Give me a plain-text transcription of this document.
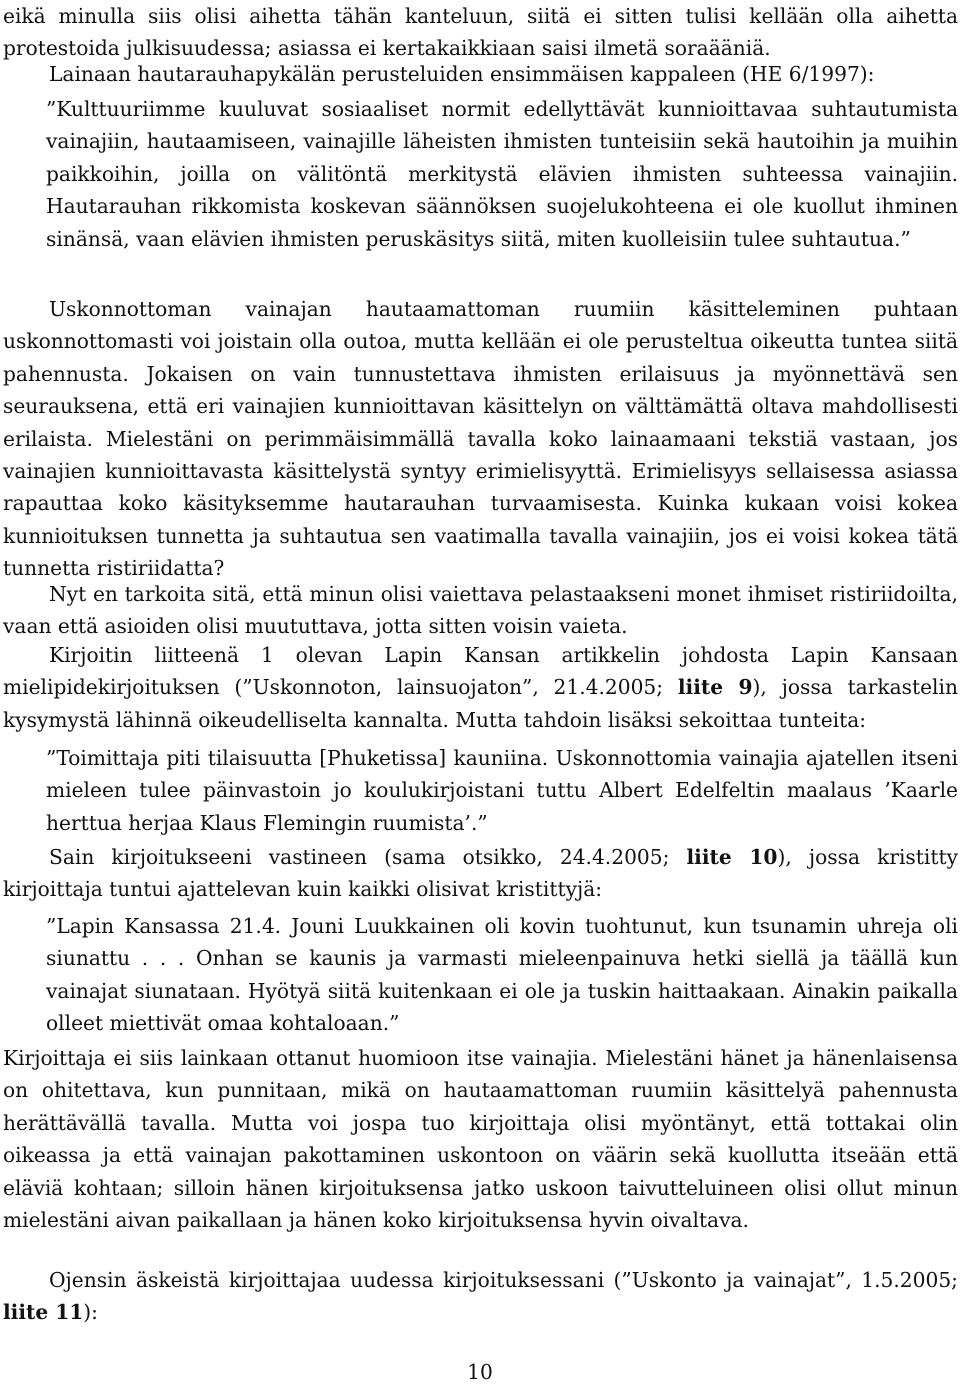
eikä minulla siis olisi aihetta tähän kanteluun, siitä ei sitten tulisi kellään olla aihetta protestoida julkisuudessa; asiassa ei kertakaikkiaan saisi ilmetä soraääniä.

Lainaan hautarauhapykälän perusteluiden ensimmäisen kappaleen (HE 6/1997):

”Kulttuuriimme kuuluvat sosiaaliset normit edellyttävät kunnioittavaa suhtautumista vainajiin, hautaamiseen, vainajille läheisten ihmisten tunteisiin sekä hautoihin ja muihin paikkoihin, joilla on välitöntä merkitystä elävien ihmisten suhteessa vainajiin. Hautarauhan rikkomista koskevan säännöksen suojelukohteena ei ole kuollut ihminen sinänsä, vaan elävien ihmisten peruskäsitys siitä, miten kuolleisiin tulee suhtautua.”

Uskonnottoman vainajan hautaamattoman ruumiin käsitteleminen puhtaan uskonnottomasti voi joistain olla outoa, mutta kellään ei ole perusteltua oikeutta tuntea siitä pahennusta. Jokaisen on vain tunnustettava ihmisten erilaisuus ja myönnettävä sen seurauksena, että eri vainajien kunnioittavan käsittelyn on välttämättä oltava mahdollisesti erilaista. Mielestäni on perimmäisimmällä tavalla koko lainaamaani tekstiä vastaan, jos vainajien kunnioittavasta käsittelystä syntyy erimielisyyttä. Erimielisyys sellaisessa asiassa rapauttaa koko käsityksemme hautarauhan turvaamisesta. Kuinka kukaan voisi kokea kunnioituksen tunnetta ja suhtautua sen vaatimalla tavalla vainajiin, jos ei voisi kokea tätä tunnetta ristiriidatta?

Nyt en tarkoita sitä, että minun olisi vaiettava pelastaakseni monet ihmiset ristiriidoilta, vaan että asioiden olisi muututtava, jotta sitten voisin vaieta.

Kirjoitin liitteenä 1 olevan Lapin Kansan artikkelin johdosta Lapin Kansaan mielipidekirjoituksen (”Uskonnoton, lainsuojaton”, 21.4.2005; liite 9), jossa tarkastelin kysymystä lähinnä oikeudelliselta kannalta. Mutta tahdoin lisäksi sekoittaa tunteita:

”Toimittaja piti tilaisuutta [Phuketissa] kauniina. Uskonnottomia vainajia ajatellen itseni mieleen tulee päinvastoin jo koulukirjoistani tuttu Albert Edelfeltin maalaus ’Kaarle herttua herjaa Klaus Flemingin ruumista’.”

Sain kirjoitukseeni vastineen (sama otsikko, 24.4.2005; liite 10), jossa kristitty kirjoittaja tuntui ajattelevan kuin kaikki olisivat kristittyjä:

”Lapin Kansassa 21.4. Jouni Luukkainen oli kovin tuohtunut, kun tsunamin uhreja oli siunattu . . . Onhan se kaunis ja varmasti mieleenpainuva hetki siellä ja täällä kun vainajat siunataan. Hyötyä siitä kuitenkaan ei ole ja tuskin haittaakaan. Ainakin paikalla olleet miettivät omaa kohtaloaan.”

Kirjoittaja ei siis lainkaan ottanut huomioon itse vainajia. Mielestäni hänet ja hänenlaisensa on ohitettava, kun punnitaan, mikä on hautaamattoman ruumiin käsittelyä pahennusta herättävällä tavalla. Mutta voi jospa tuo kirjoittaja olisi myöntänyt, että tottakai olin oikeassa ja että vainajan pakottaminen uskontoon on väärin sekä kuollutta itseään että eläviä kohtaan; silloin hänen kirjoituksensa jatko uskoon taivutteluineen olisi ollut minun mielestäni aivan paikallaan ja hänen koko kirjoituksensa hyvin oivaltava.

Ojensin äskeistä kirjoittajaa uudessa kirjoituksessani (”Uskonto ja vainajat”, 1.5.2005; liite 11):

10
